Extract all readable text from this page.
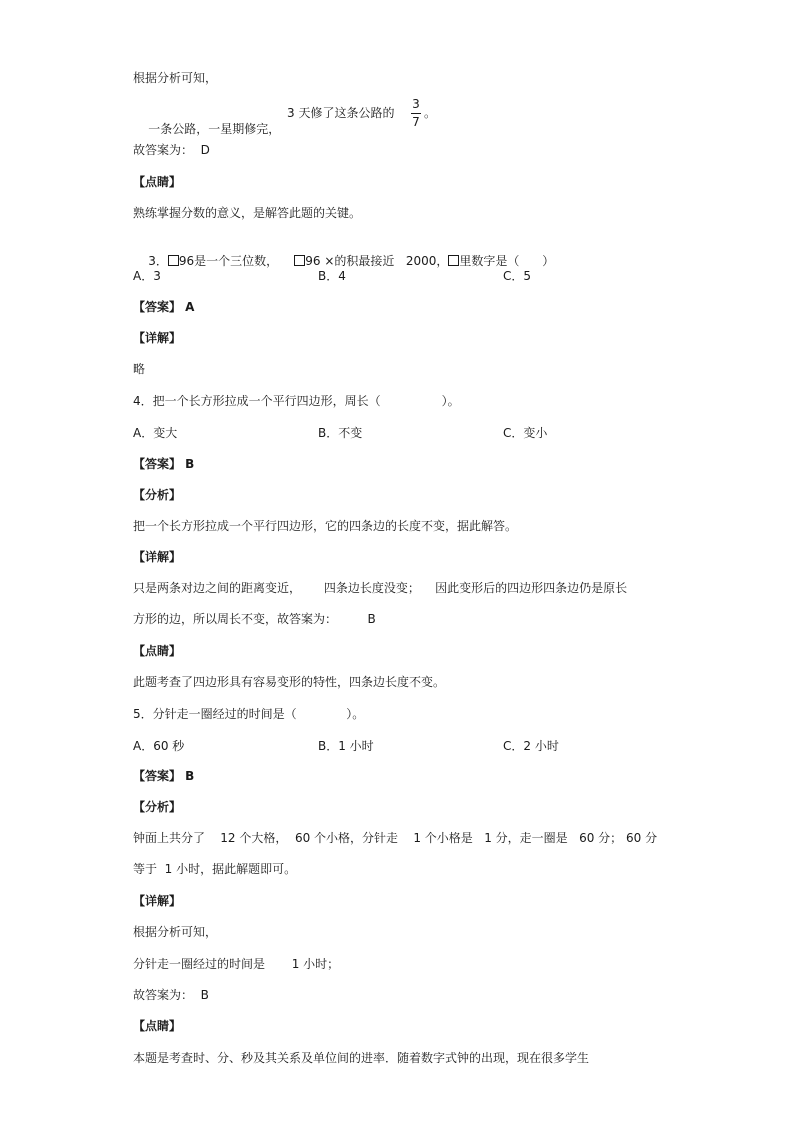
根据分析可知，

一条公路，一星期修完，

3 天修了这条公路的
3
7
。
故答案为：  D
【点睛】
熟练掌握分数的意义，是解答此题的关键。

3． 96是一个三位数，
	96 ×的积最接近   2000， 里数字是（      ）

A．3	B．4	C．5
【答案】 A
【详解】
略
4．把一个长方形拉成一个平行四边形，周长（                ）。
A．变大	B．不变	C．变小
【答案】 B
【分析】
把一个长方形拉成一个平行四边形，它的四条边的长度不变，据此解答。
【详解】
只是两条对边之间的距离变近，      四条边长度没变；    因此变形后的四边形四条边仍是原长
方形的边，所以周长不变，故答案为：        B
【点睛】
此题考查了四边形具有容易变形的特性，四条边长度不变。
5．分针走一圈经过的时间是（             ）。
A．60 秒	B．1 小时	C．2 小时
【答案】 B
【分析】
钟面上共分了    12 个大格，  60 个小格，分针走    1 个小格是   1 分，走一圈是   60 分； 60 分
等于  1 小时，据此解题即可。
【详解】
根据分析可知，
分针走一圈经过的时间是       1 小时；
故答案为：  B
【点睛】
本题是考查时、分、秒及其关系及单位间的进率．随着数字式钟的出现，现在很多学生
